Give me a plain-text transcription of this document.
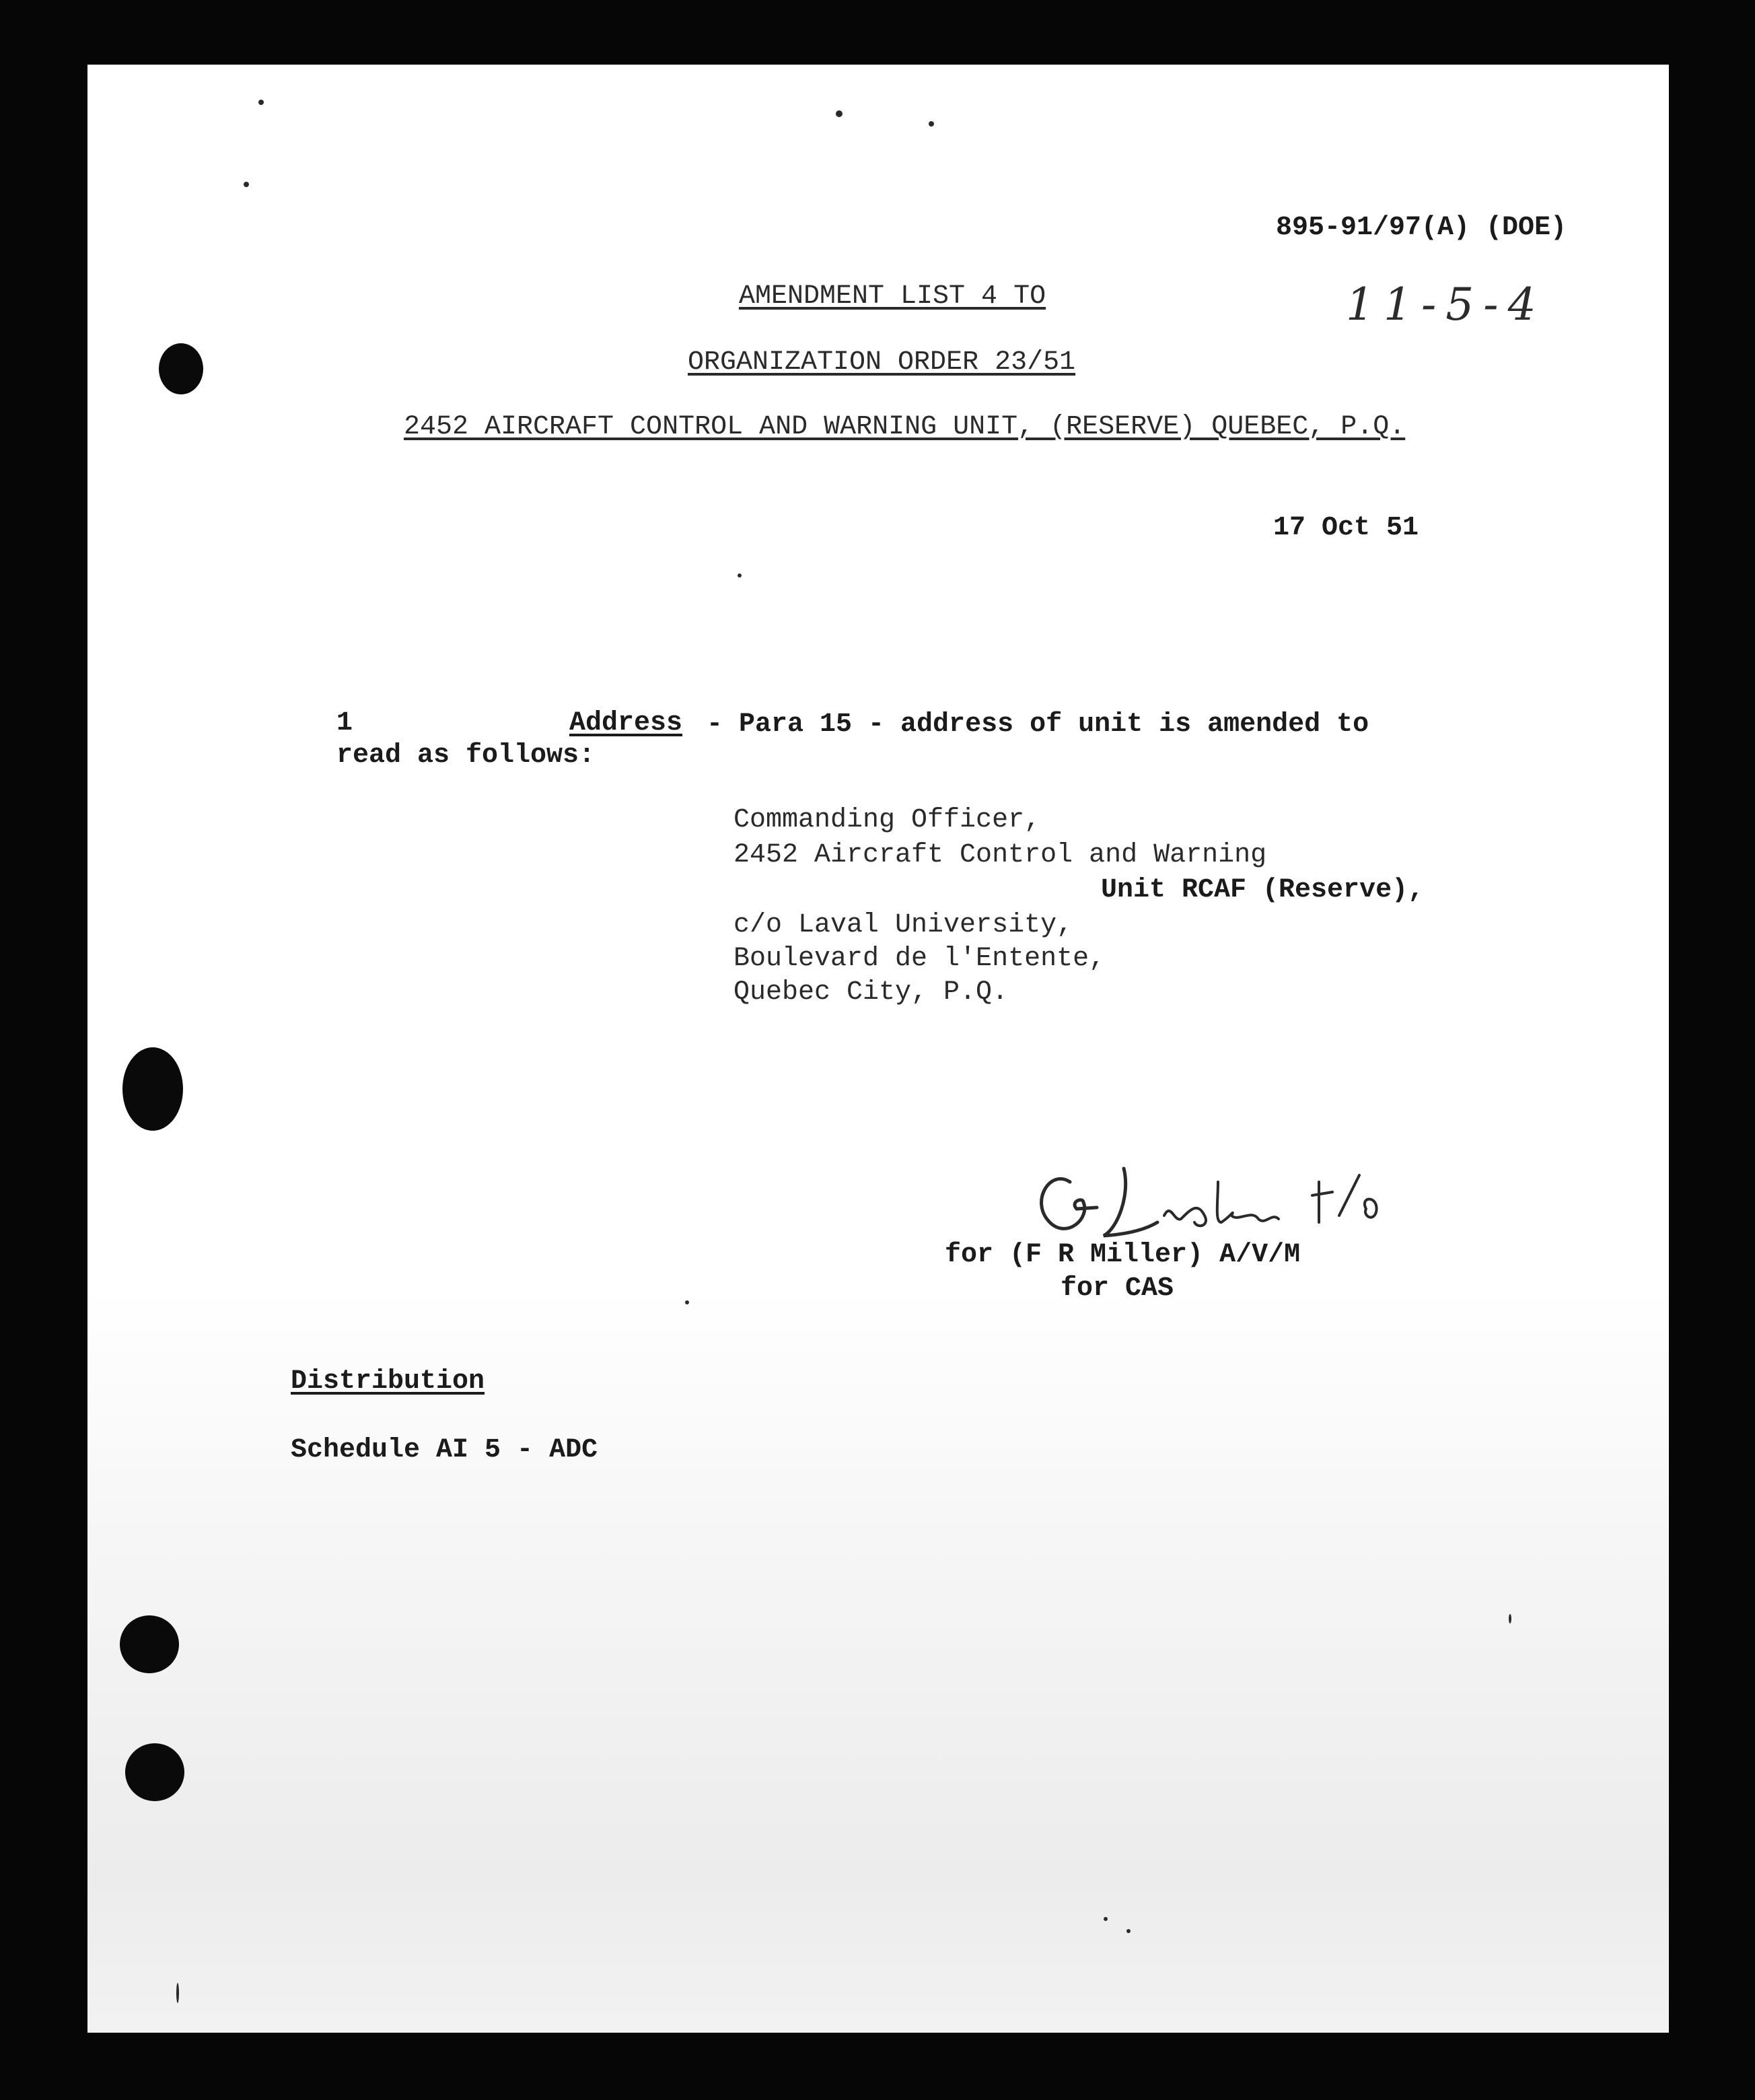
895-91/97(A) (DOE)
11-5-4
AMENDMENT LIST 4 TO
ORGANIZATION ORDER 23/51
2452 AIRCRAFT CONTROL AND WARNING UNIT, (RESERVE) QUEBEC, P.Q.
17 Oct 51
1	Address - Para 15 - address of unit is amended to
read as follows:
Commanding Officer,
2452 Aircraft Control and Warning
Unit RCAF (Reserve),
c/o Laval University,
Boulevard de l'Entente,
Quebec City, P.Q.
for (F R Miller) A/V/M
for CAS
Distribution
Schedule AI 5 - ADC
